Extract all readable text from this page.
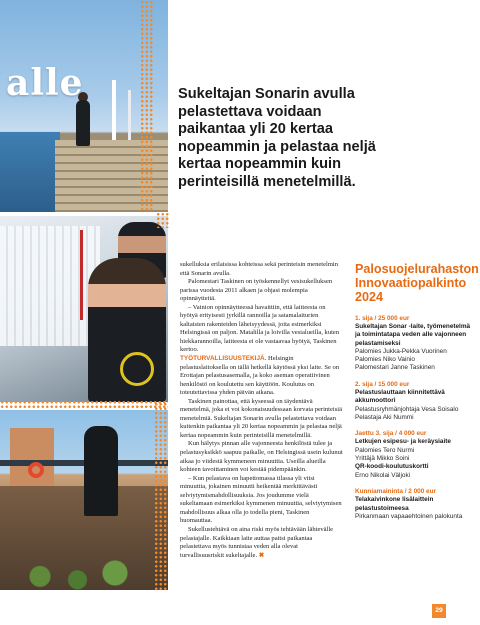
alle	Sukeltajan Sonarin avulla pelastettava voidaan paikantaa yli 20 kertaa nopeammin ja pelastaa neljä kertaa nopeammin kuin perinteisillä menetelmillä.

sukelluksia erilaisissa kohteissa sekä perinteisin menetelmin että Sonarin avulla.

Palomestari Taskinen on työskennellyt vesisukelluksen parissa vuodesta 2011 alkaen ja ohjasi molempia opinnäytteitä.

– Vainion opinnäytteessä havaittiin, että laitteesta on hyötyä erityisesti jyrkillä rannoilla ja satamalaiturien kaltaisten rakenteiden läheisyydessä, joita esimerkiksi Helsingissä on paljon. Matalilla ja loivilla vesialueilla, kuten hiekkarannoilla, laitteesta ei ole vastaavaa hyötyä, Taskinen kertoo.

TYÖTURVALLISUUSTEKIJÄ. Helsingin pelastuslaitoksella on tällä hetkellä käytössä yksi laite. Se on Erottajan pelastusasemalla, ja koko aseman operatiivinen henkilöstö on koulutettu sen käyttöön. Koulutus on toteutettavissa yhden päivän aikana.

Taskinen painottaa, että kyseessä on täydentävä menetelmä, joka ei voi kokonaisuudessaan korvata perinteisiä menetelmiä. Sukeltajan Sonarin avulla pelastettava voidaan kuitenkin paikantaa yli 20 kertaa nopeammin ja pelastaa neljä kertaa nopeammin kuin perinteisillä menetelmillä.

Kun hälytys pinnan alle vajonneesta henkilöstä tulee ja pelastusyksikkö saapuu paikalle, on Helsingissä usein kulunut aikaa jo viidestä kymmeneen minuuttia. Useilla alueilla kohteen tavoittaminen voi kestää pidempäänkin.

– Kun pelastava on hapettomassa tilassa yli viisi minuuttia, jokainen minuutti heikentää merkittävästi selviytymismahdollisuuksia. Jos joudumme vielä sukeltamaan esimerkiksi kymmenen minuuttia, selviytymisen mahdollisuus alkaa olla jo todella pieni, Taskinen huomauttaa.

Sukellustehtävä on aina riski myös tehtävään lähtevälle pelastajalle. Kaikkiaan laite auttaa paitsi paikantaa pelastettava myös tunnistaa veden alla olevat turvallisuusriskit sukeltajalle. ✖

Palosuojelurahaston Innovaatiopalkinto 2024
1. sija / 25 000 eur
Sukeltajan Sonar -laite, työmenetelmä ja toimintatapa veden alle vajonneen pelastamiseksi
Palomies Jukka-Pekka Vuorinen
Palomies Niko Vainio
Palomestari Janne Taskinen
2. sija / 15 000 eur
Pelastuslauttaan kiinnitettävä akkumoottori
Pelastusryhmänjohtaja Vesa Soisalo
Pelastaja Aki Nummi
Jaettu 3. sija / 4 000 eur
Letkujen esipesu- ja keräysiaite
Palomies Tero Nurmi
Yrittäjä Mikko Soini
QR-koodi-koulutuskortti
Erno Nikolai Väljoki
Kunniamaininta / 2 000 eur
Telakaivinkone lisälaittein pelastustoimeesa
Pirkanmaan vapaaehtoinen palokunta
29
